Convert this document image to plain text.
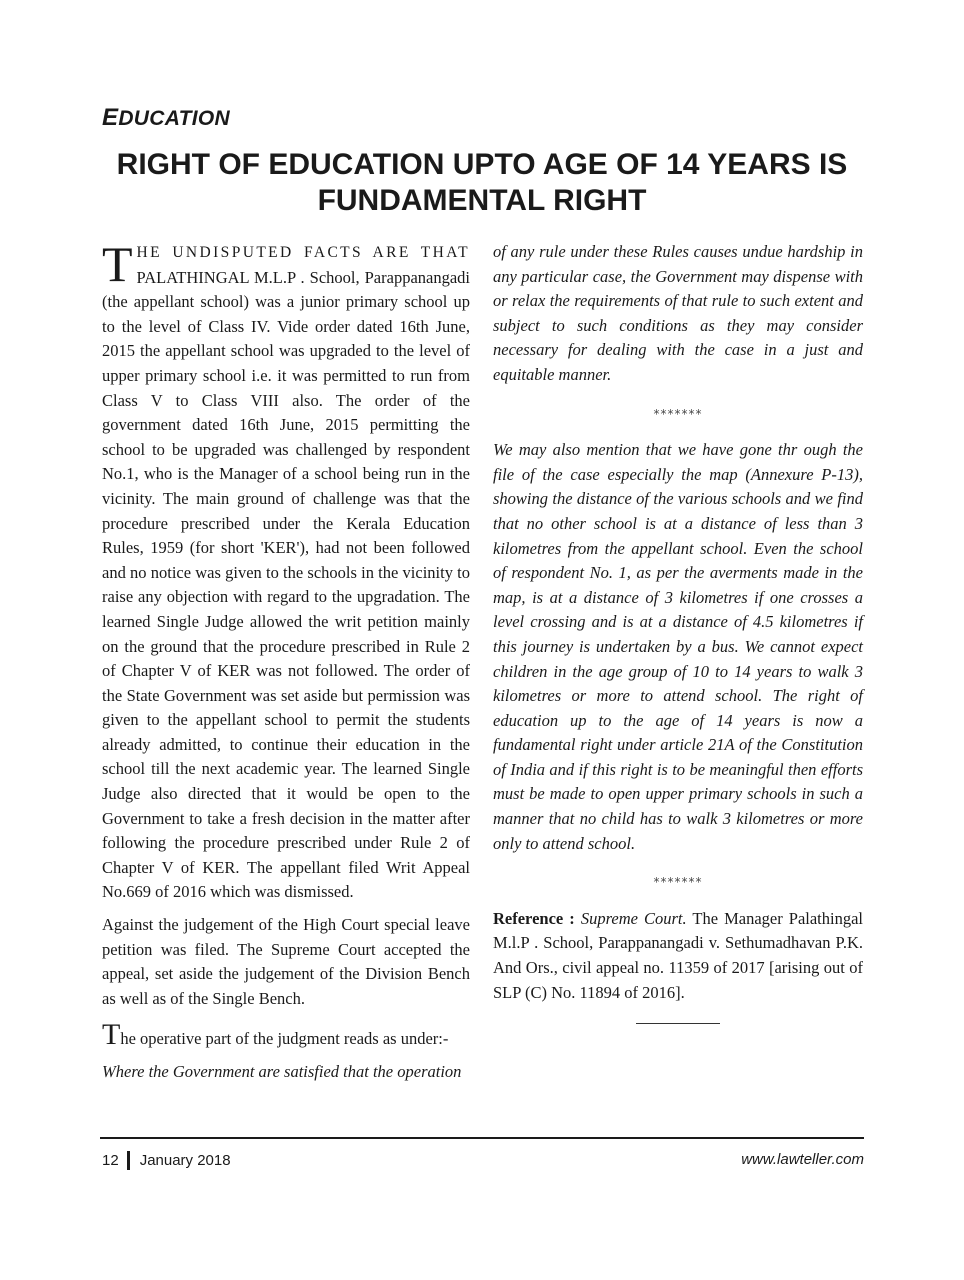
EDUCATION
RIGHT OF EDUCATION UPTO AGE OF 14 YEARS IS
FUNDAMENTAL RIGHT

THE UNDISPUTED FACTS ARE THAT PALATHINGAL M.L.P . School, Parappanangadi (the appellant school) was a junior primary school up to the level of Class IV. Vide order dated 16th June, 2015 the appellant school was upgraded to the level of upper primary school i.e. it was permitted to run from Class V to Class VIII also. The order of the government dated 16th June, 2015 permitting the school to be upgraded was challenged by respondent No.1, who is the Manager of a school being run in the vicinity. The main ground of challenge was that the procedure prescribed under the Kerala Education Rules, 1959 (for short 'KER'), had not been followed and no notice was given to the schools in the vicinity to raise any objection with regard to the upgradation. The learned Single Judge allowed the writ petition mainly on the ground that the procedure prescribed in Rule 2 of Chapter V of KER was not followed. The order of the State Government was set aside but permission was given to the appellant school to permit the students already admitted, to continue their education in the school till the next academic year. The learned Single Judge also directed that it would be open to the Government to take a fresh decision in the matter after following the procedure prescribed under Rule 2 of Chapter V of KER. The appellant filed Writ Appeal No.669 of 2016 which was dismissed.

Against the judgement of the High Court special leave petition was filed. The Supreme Court accepted the appeal, set aside the judgement of the Division Bench as well as of the Single Bench.

The operative part of the judgment reads as under:-

Where the Government are satisfied that the operation

of any rule under these Rules causes undue hardship in any particular case, the Government may dispense with or relax the requirements of that rule to such extent and subject to such conditions as they may consider necessary for dealing with the case in a just and equitable manner.

*******

We may also mention that we have gone thr ough the file of the case especially the map (Annexure P-13), showing the distance of the various schools and we find that no other school is at a distance of less than 3 kilometres from the appellant school. Even the school of respondent No. 1, as per the averments made in the map, is at a distance of 3 kilometres if one crosses a level crossing and is at a distance of 4.5 kilometres if this journey is undertaken by a bus. We cannot expect children in the age group of 10 to 14 years to walk 3 kilometres or more to attend school. The right of education up to the age of 14 years is now a fundamental right under article 21A of the Constitution of India and if this right is to be meaningful then efforts must be made to open upper primary schools in such a manner that no child has to walk 3 kilometres or more only to attend school.

*******

Reference : Supreme Court. The Manager Palathingal M.l.P . School, Parappanangadi v. Sethumadhavan P.K. And Ors., civil appeal no. 11359 of 2017 [arising out of SLP (C) No. 11894 of 2016].

12 January 2018	www.lawteller.com
